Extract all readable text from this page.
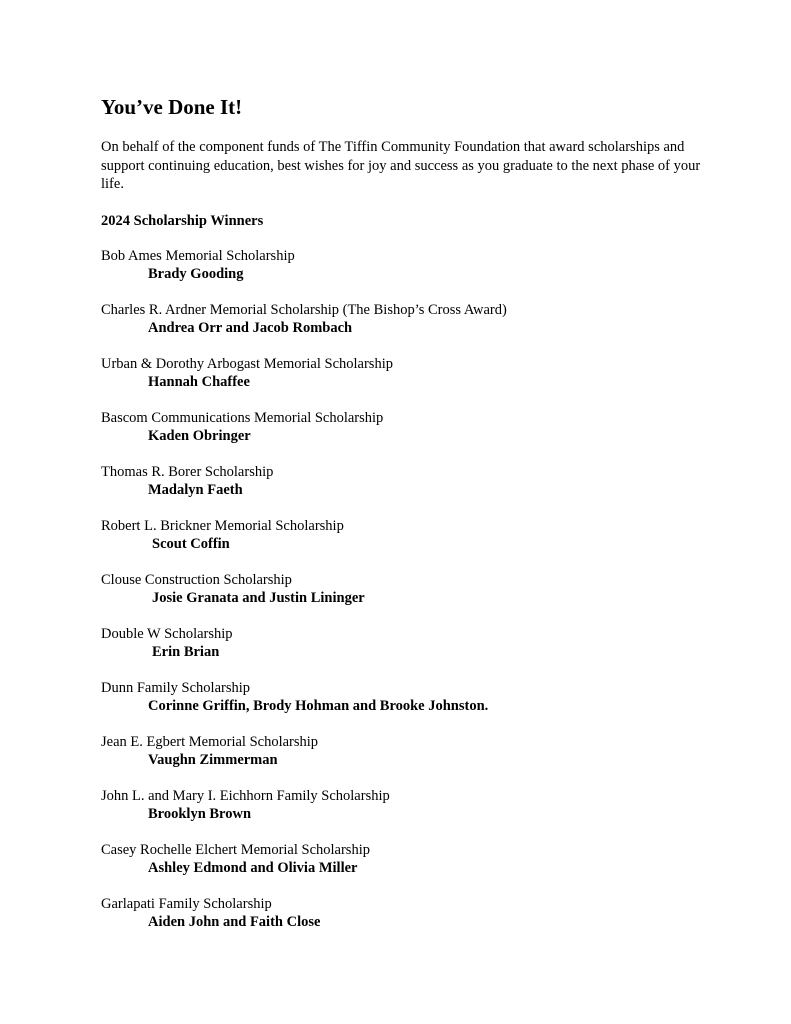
You’ve Done It!

On behalf of the component funds of The Tiffin Community Foundation that award scholarships and support continuing education, best wishes for joy and success as you graduate to the next phase of your life.

2024 Scholarship Winners
Bob Ames Memorial Scholarship
Brady Gooding
Charles R. Ardner Memorial Scholarship (The Bishop’s Cross Award)
Andrea Orr and Jacob Rombach
Urban & Dorothy Arbogast Memorial Scholarship
Hannah Chaffee
Bascom Communications Memorial Scholarship
Kaden Obringer
Thomas R. Borer Scholarship
Madalyn Faeth
Robert L. Brickner Memorial Scholarship
Scout Coffin
Clouse Construction Scholarship
Josie Granata and Justin Lininger
Double W Scholarship
Erin Brian
Dunn Family Scholarship
Corinne Griffin, Brody Hohman and Brooke Johnston.
Jean E. Egbert Memorial Scholarship
Vaughn Zimmerman
John L. and Mary I. Eichhorn Family Scholarship
Brooklyn Brown
Casey Rochelle Elchert Memorial Scholarship
Ashley Edmond and Olivia Miller
Garlapati Family Scholarship
Aiden John and Faith Close
